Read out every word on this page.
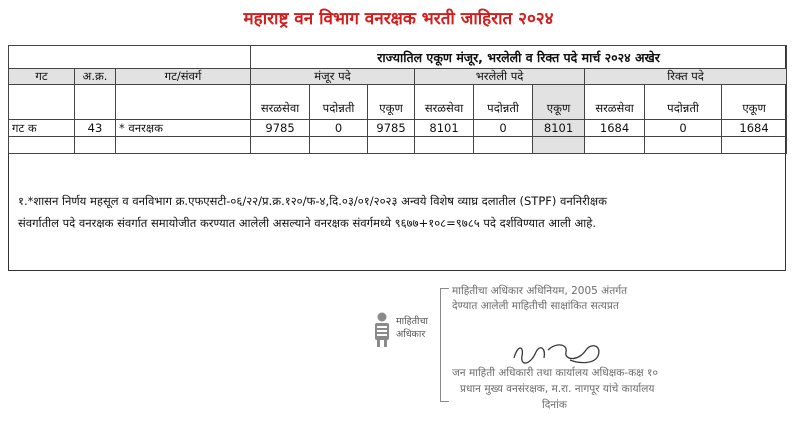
महाराष्ट्र वन विभाग वनरक्षक भरती जाहिरात २०२४
			राज्यातिल एकूण मंजूर, भरलेली व रिक्त पदे मार्च २०२४ अखेर								
गट	अ.क्र.	गट/संवर्ग	मंजूर पदे			भरलेली पदे			रिक्त पदे		
			सरळसेवा	पदोन्नती	एकूण	सरळसेवा	पदोन्नती	एकूण	सरळसेवा	पदोन्नती	एकूण
गट क	43	* वनरक्षक	9785	0	9785	8101	0	8101	1684	0	1684

१.*शासन निर्णय महसूल व वनविभाग क्र.एफएसटी-०६/२२/प्र.क्र.१२०/फ-४,दि.०३/०१/२०२३ अन्वये विशेष व्याघ्र दलातील (STPF) वननिरीक्षक
संवर्गातील पदे वनरक्षक संवर्गात समायोजीत करण्यात आलेली असल्याने वनरक्षक संवर्गमध्ये ९६७७+१०८=९७८५ पदे दर्शविण्यात आली आहे.
माहितीचा अधिकार अधिनियम, 2005 अंतर्गत
देण्यात आलेली माहितीची साक्षांकित सत्यप्रत
माहितीचा
अधिकार
जन माहिती अधिकारी तथा कार्यालय अधिक्षक-कक्ष १०
प्रधान मुख्य वनसंरक्षक, म.रा. नागपूर यांचे कार्यालय
दिनांक
